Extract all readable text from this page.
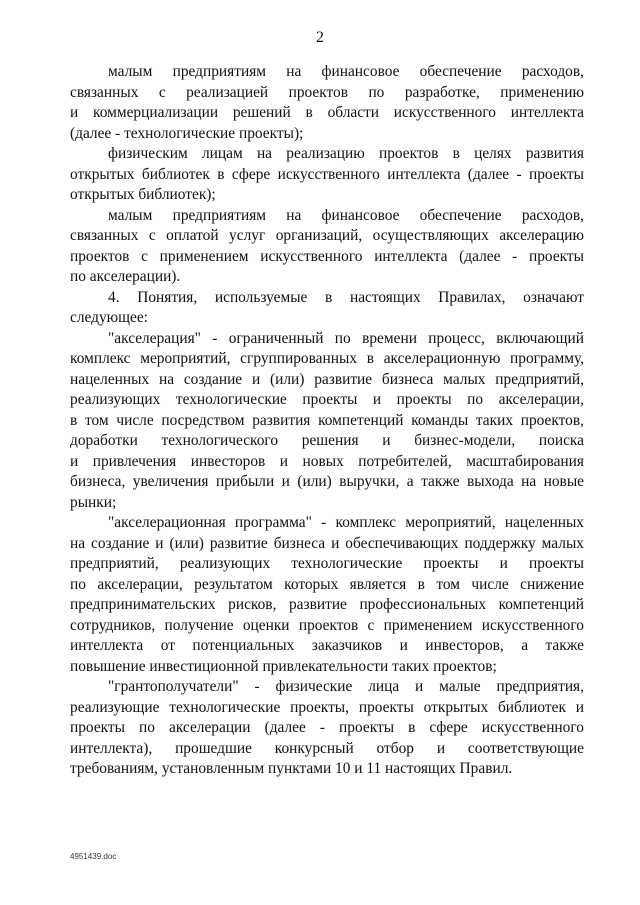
2
малым предприятиям на финансовое обеспечение расходов,
связанных с реализацией проектов по разработке, применению
и коммерциализации решений в области искусственного интеллекта
(далее - технологические проекты);
физическим лицам на реализацию проектов в целях развития
открытых библиотек в сфере искусственного интеллекта (далее - проекты
открытых библиотек);
малым предприятиям на финансовое обеспечение расходов,
связанных с оплатой услуг организаций, осуществляющих акселерацию
проектов с применением искусственного интеллекта (далее - проекты
по акселерации).
4. Понятия, используемые в настоящих Правилах, означают
следующее:
"акселерация" - ограниченный по времени процесс, включающий
комплекс мероприятий, сгруппированных в акселерационную программу,
нацеленных на создание и (или) развитие бизнеса малых предприятий,
реализующих технологические проекты и проекты по акселерации,
в том числе посредством развития компетенций команды таких проектов,
доработки технологического решения и бизнес-модели, поиска
и привлечения инвесторов и новых потребителей, масштабирования
бизнеса, увеличения прибыли и (или) выручки, а также выхода на новые
рынки;
"акселерационная программа" - комплекс мероприятий, нацеленных
на создание и (или) развитие бизнеса и обеспечивающих поддержку малых
предприятий, реализующих технологические проекты и проекты
по акселерации, результатом которых является в том числе снижение
предпринимательских рисков, развитие профессиональных компетенций
сотрудников, получение оценки проектов с применением искусственного
интеллекта от потенциальных заказчиков и инвесторов, а также
повышение инвестиционной привлекательности таких проектов;
"грантополучатели" - физические лица и малые предприятия,
реализующие технологические проекты, проекты открытых библиотек и
проекты по акселерации (далее - проекты в сфере искусственного
интеллекта), прошедшие конкурсный отбор и соответствующие
требованиям, установленным пунктами 10 и 11 настоящих Правил.
4951439.doc
